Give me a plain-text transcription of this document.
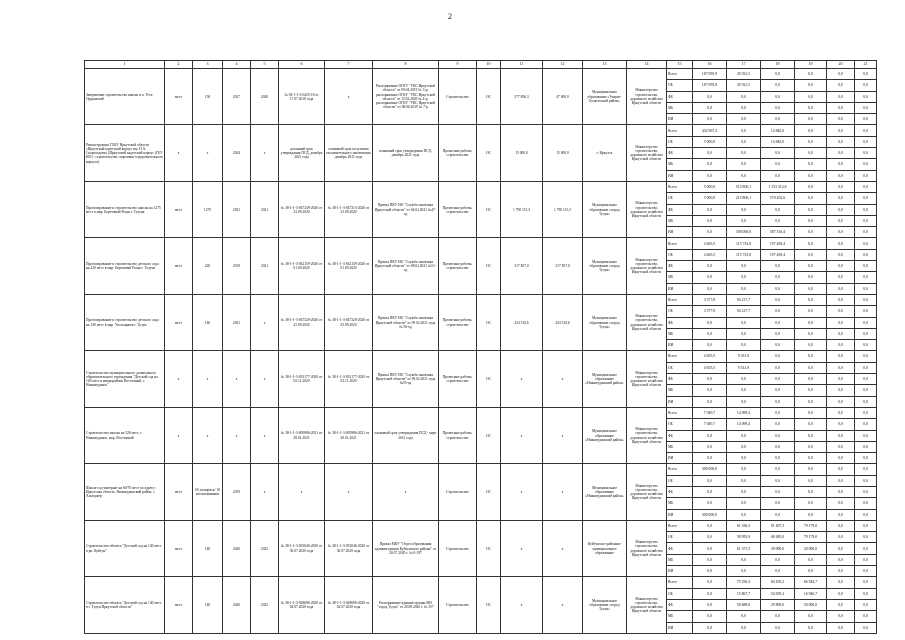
2
1	2	3	4	5	6	7	8	9	10	11	12	13	14	15	16	17	18	19	20	21
Завершение строительства школы в п. Усть-Ордынский	мест	150	2017	2020	№ 38-1-1-3-0425-18 от 17.07.2018 года	х	Распоряжение ОГКУ "УКС Иркутской области" от 09.04.2019 № 3-р; распоряжение ОГКУ "УКС Иркутской области" от 15.02.2020 № 4-р; распоряжение ОГКУ "УКС Иркутской области" от 08.06.2019 № 7-р	Строительство	ОС	377 856,3	47 000,0	Муниципальное образование «Эхирит-Булагатский район»	Министерство строительства, дорожного хозяйства Иркутской области	Всего	187 095,9	45 921,5	0,0	0,0	0,0	0,0
														ОБ	187 095,9	45 921,5	0,0	0,0	0,0	0,0
														ФБ	0,0	0,0	0,0	0,0	0,0	0,0
														МБ	0,0	0,0	0,0	0,0	0,0	0,0
														ИИ	0,0	0,0	0,0	0,0	0,0	0,0
Реконструкция ГОБУ Иркутской области «Иркутский кадетский корпус им. П.А. Скороходова» (Иркутский кадетский корпус (ГБУ ИО) - строительство спортивно-оздоровительного корпуса)	х	х	2024	х	дотанный срок утверждения ПСД, декабрь 2021 года	плановый срок получения положительного заключения декабрь 2021 года	плановый срок утверждения ПСД, декабрь 2021 года	Проектные работы, строительство	ОС	15 000,0	15 000,0	г. Иркутск	Министерство строительства, дорожного хозяйства Иркутской области	Всего	432 967,2	0,0	14 840,0	0,0	0,0	0,0
														ОБ	5 000,0	0,0	14 840,0	0,0	0,0	0,0
														ФБ	0,0	0,0	0,0	0,0	0,0	0,0
														МБ	0,0	0,0	0,0	0,0	0,0	0,0
														ИИ	0,0	0,0	0,0	0,0	0,0	0,0
Проектирование и строительство школы на 1275 мест в мкр. Березовый Рощи г. Тулуна	мест	1275	2021	2021	№ 38-1-1-3-047249-2020 от 23.09.2020	№ 38-1-1-3-047313-2020 от 23.09.2020	Приказ ПКУ ИО "Служба заказчика Иркутской области" от 04.02.2021 №47-од	Проектные работы, строительство	ОС	1 790 115,3	1 790 115,3	Муниципальное образование «город Тулун»	Министерство строительства, дорожного хозяйства Иркутской области	Всего	5 000,0	515 800,1	1 153 312,6	0,0	0,0	0,0
														ОБ	5 000,0	215 800,1	570 202,6	0,0	0,0	0,0
														ФБ	0,0	0,0	0,0	0,0	0,0	0,0
														МБ	0,0	0,0	0,0	0,0	0,0	0,0
														ИИ	0,0	300 000,0	587 316,4	0,0	0,0	0,0
Проектирование и строительство детского сада на 220 мест в мкр. Березовый Рощи г. Тулуна	мест	220	2019	2021	№ 38-1-1-3-042159-2020 от 01.09.2020	№ 38-1-1-3-042159-2020 от 01.09.2020	Приказ ПКУ ИО "Служба заказчика Иркутской области" от 08.02.2021 №51-од	Проектные работы, строительство	ОС	317 857,0	317 857,0	Муниципальное образование «город Тулун»	Министерство строительства, дорожного хозяйства Иркутской области	Всего	4 665,5	115 733,8	197 469,4	0,0	0,0	0,0
														ОБ	4 665,5	115 733,8	197 469,4	0,0	0,0	0,0
														ФБ	0,0	0,0	0,0	0,0	0,0	0,0
														МБ	0,0	0,0	0,0	0,0	0,0	0,0
														ИИ	0,0	0,0	0,0	0,0	0,0	0,0
Проектирование и строительство детского сада на 140 мест в мкр. Угольщиков г. Тулун	мест	140	2021	х	№ 38-1-1-3-047320-2020 от 25.09.2020	№ 38-1-1-3-047320-2020 от 25.09.2020	Приказ ПКУ ИО "Служба заказчика Иркутской области" от 09.02.2021 года № 56-од	Проектные работы, строительство	ОС	234 510,6	234 510,6	Муниципальное образование «город Тулун»	Министерство строительства, дорожного хозяйства Иркутской области	Всего	3 577,8	94 217,7	0,0	0,0	0,0	0,0
														ОБ	3 577,8	94 217,7	0,0	0,0	0,0	0,0
														ФБ	0,0	0,0	0,0	0,0	0,0	0,0
														МБ	0,0	0,0	0,0	0,0	0,0	0,0
														ИИ	0,0	0,0	0,0	0,0	0,0	0,0
Строительство муниципального дошкольного образовательного учреждения "Детский сад на 140 мест в микрорайоне Восточный, г. Нижнеудинск"	х	х	х	х	№ 38-1-1-3-033177-2020 от 02.11.2020	№ 38-1-1-3-033177-2020 от 02.11.2020	Приказ ПКУ ИО "Служба заказчика Иркутской области" от 09.02.2021 года №55-од	Проектные работы, строительство	ОС	х	х	Муниципальное образование «Нижнеудинский район»	Министерство строительства, дорожного хозяйства Иркутской области	Всего	4 655,5	9 331,9	0,0	0,0	0,0	0,0
														ОБ	4 655,5	9 331,9	0,0	0,0	0,0	0,0
														ФБ	0,0	0,0	0,0	0,0	0,0	0,0
														МБ	0,0	0,0	0,0	0,0	0,0	0,0
														ИИ	0,0	0,0	0,0	0,0	0,0	0,0
Строительство школы на 528 мест, г. Нижнеудинск, мкр. Восточный	х	х	х	х	№ 38-1-1-3-005986-2021 от 28.01.2021	№ 38-1-1-3-005986-2021 от 28.01.2021	плановый срок утверждения ПСД - март 2021 года	Проектные работы, строительство	ОС	х	х	Муниципальное образование «Нижнеудинский район»	Министерство строительства, дорожного хозяйства Иркутской области	Всего	7 049,7	14 099,4	0,0	0,0	0,0	0,0
														ОБ	7 049,7	14 099,4	0,0	0,0	0,0	0,0
														ФБ	0,0	0,0	0,0	0,0	0,0	0,0
														МБ	0,0	0,0	0,0	0,0	0,0	0,0
														ИИ	0,0	0,0	0,0	0,0	0,0	0,0
Школа-сад-интернат на 60/70 мест по адресу: Иркутская область, Нижнеудинский район, с. Алыгджер	мест	60 учащихся/ 10 воспитанников	2019	х	х	х	х	Строительство	ОС	х	х	Муниципальное образование «Нижнеудинский район»	Министерство строительства, дорожного хозяйства Иркутской области	Всего	300 000,0	0,0	0,0	0,0	0,0	0,0
														ОБ	0,0	0,0	0,0	0,0	0,0	0,0
														ФБ	0,0	0,0	0,0	0,0	0,0	0,0
														МБ	0,0	0,0	0,0	0,0	0,0	0,0
														ИИ	300 000,0	0,0	0,0	0,0	0,0	0,0
Строительство объекта "Детский сад на 140 мест в рп. Куйтун"	мест	140	2020	2022	№ 38-1-1-3-033046-2020 от 30.07.2020 года	№ 38-1-1-3-033046-2020 от 30.07.2020 года	Приказ МКУ "Отдел образования администрации Куйтунского района" от 20.07.2020 г. № 0-197	Строительство	ОС	х	х	Куйтунское районное муниципальное образование	Министерство строительства, дорожного хозяйства Иркутской области	Всего	0,0	61 336,3	91 497,3	79 179,0	0,0	0,0
														ОБ	0,0	58 955,9	68 485,0	79 179,0	0,0	0,0
														ФБ	0,0	61 371,5	39 000,0	20 000,0	0,0	0,0
														МБ	0,0	0,0	0,0	0,0	0,0	0,0
														ИИ	0,0	0,0	0,0	0,0	0,0	0,0
Строительство объекта "Детский сад на 140 мест в г. Тулун Иркутской области"	мест	140	2020	2022	№ 38-1-1-3-028696-2020 от 02.07.2020 года	№ 38-1-1-3-028696-2020 от 02.07.2020 года	Распоряжение администрации МО "город Тулун" от 20.08.2020 г. № 357	Строительство	ОС	х	х	Муниципальное образование «город Тулун»	Министерство строительства, дорожного хозяйства Иркутской области	Всего	0,0	75 556,3	84 459,2	66 944,7	0,0	0,0
														ОБ	0,0	15 867,7	54 659,2	16 946,7	0,0	0,0
														ФБ	0,0	59 688,6	29 800,0	50 000,0	0,0	0,0
														МБ	0,0	0,0	0,0	0,0	0,0	0,0
														ИИ	0,0	0,0	0,0	0,0	0,0	0,0
